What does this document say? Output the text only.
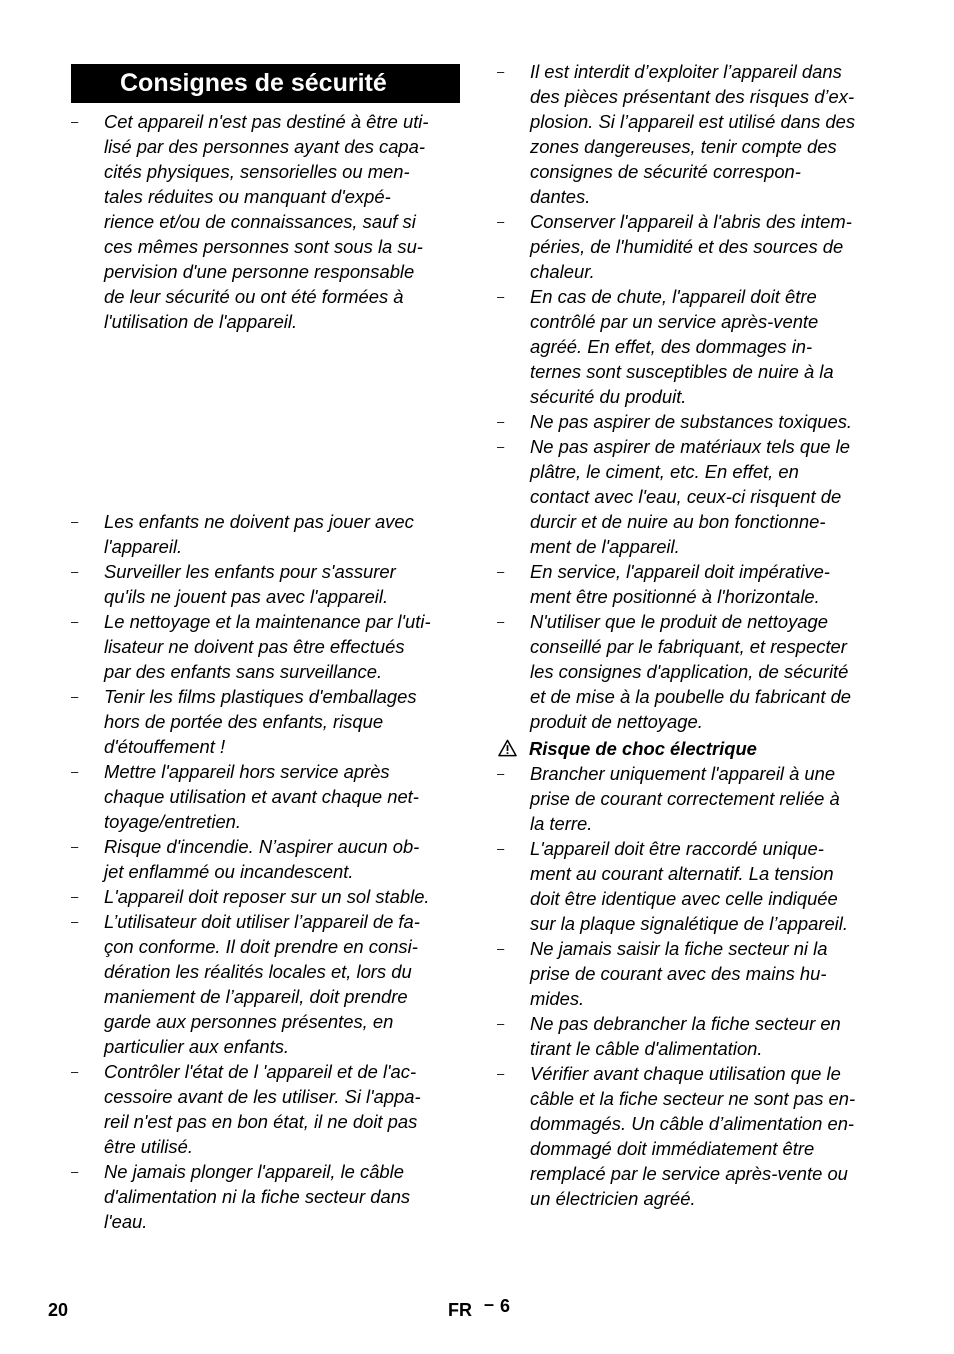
Consignes de sécurité
– Cet appareil n'est pas destiné à être uti-
lisé par des personnes ayant des capa-
cités physiques, sensorielles ou men-
tales réduites ou manquant d'expé-
rience et/ou de connaissances, sauf si
ces mêmes personnes sont sous la su-
pervision d'une personne responsable
de leur sécurité ou ont été formées à
l'utilisation de l'appareil.
– Les enfants ne doivent pas jouer avec
l'appareil.
– Surveiller les enfants pour s'assurer
qu'ils ne jouent pas avec l'appareil.
– Le nettoyage et la maintenance par l'uti-
lisateur ne doivent pas être effectués
par des enfants sans surveillance.
– Tenir les films plastiques d'emballages
hors de portée des enfants, risque
d'étouffement !
– Mettre l'appareil hors service après
chaque utilisation et avant chaque net-
toyage/entretien.
– Risque d'incendie. N’aspirer aucun ob-
jet enflammé ou incandescent.
– L'appareil doit reposer sur un sol stable.
– L’utilisateur doit utiliser l’appareil de fa-
çon conforme. Il doit prendre en consi-
dération les réalités locales et, lors du
maniement de l’appareil, doit prendre
garde aux personnes présentes, en
particulier aux enfants.
– Contrôler l'état de l 'appareil et de l'ac-
cessoire avant de les utiliser. Si l'appa-
reil n'est pas en bon état, il ne doit pas
être utilisé.
– Ne jamais plonger l'appareil, le câble
d'alimentation ni la fiche secteur dans
l'eau.
– Il est interdit d’exploiter l’appareil dans
des pièces présentant des risques d’ex-
plosion. Si l’appareil est utilisé dans des
zones dangereuses, tenir compte des
consignes de sécurité correspon-
dantes.
– Conserver l'appareil à l'abris des intem-
péries, de l'humidité et des sources de
chaleur.
– En cas de chute, l'appareil doit être
contrôlé par un service après-vente
agréé. En effet, des dommages in-
ternes sont susceptibles de nuire à la
sécurité du produit.
– Ne pas aspirer de substances toxiques.
– Ne pas aspirer de matériaux tels que le
plâtre, le ciment, etc. En effet, en
contact avec l'eau, ceux-ci risquent de
durcir et de nuire au bon fonctionne-
ment de l'appareil.
– En service, l'appareil doit impérative-
ment être positionné à l'horizontale.
– N'utiliser que le produit de nettoyage
conseillé par le fabriquant, et respecter
les consignes d'application, de sécurité
et de mise à la poubelle du fabricant de
produit de nettoyage.
Risque de choc électrique
– Brancher uniquement l'appareil à une
prise de courant correctement reliée à
la terre.
– L'appareil doit être raccordé unique-
ment au courant alternatif. La tension
doit être identique avec celle indiquée
sur la plaque signalétique de l’appareil.
– Ne jamais saisir la fiche secteur ni la
prise de courant avec des mains hu-
mides.
– Ne pas debrancher la fiche secteur en
tirant le câble d'alimentation.
– Vérifier avant chaque utilisation que le
câble et la fiche secteur ne sont pas en-
dommagés. Un câble d’alimentation en-
dommagé doit immédiatement être
remplacé par le service après-vente ou
un électricien agréé.
20	FR – 6
